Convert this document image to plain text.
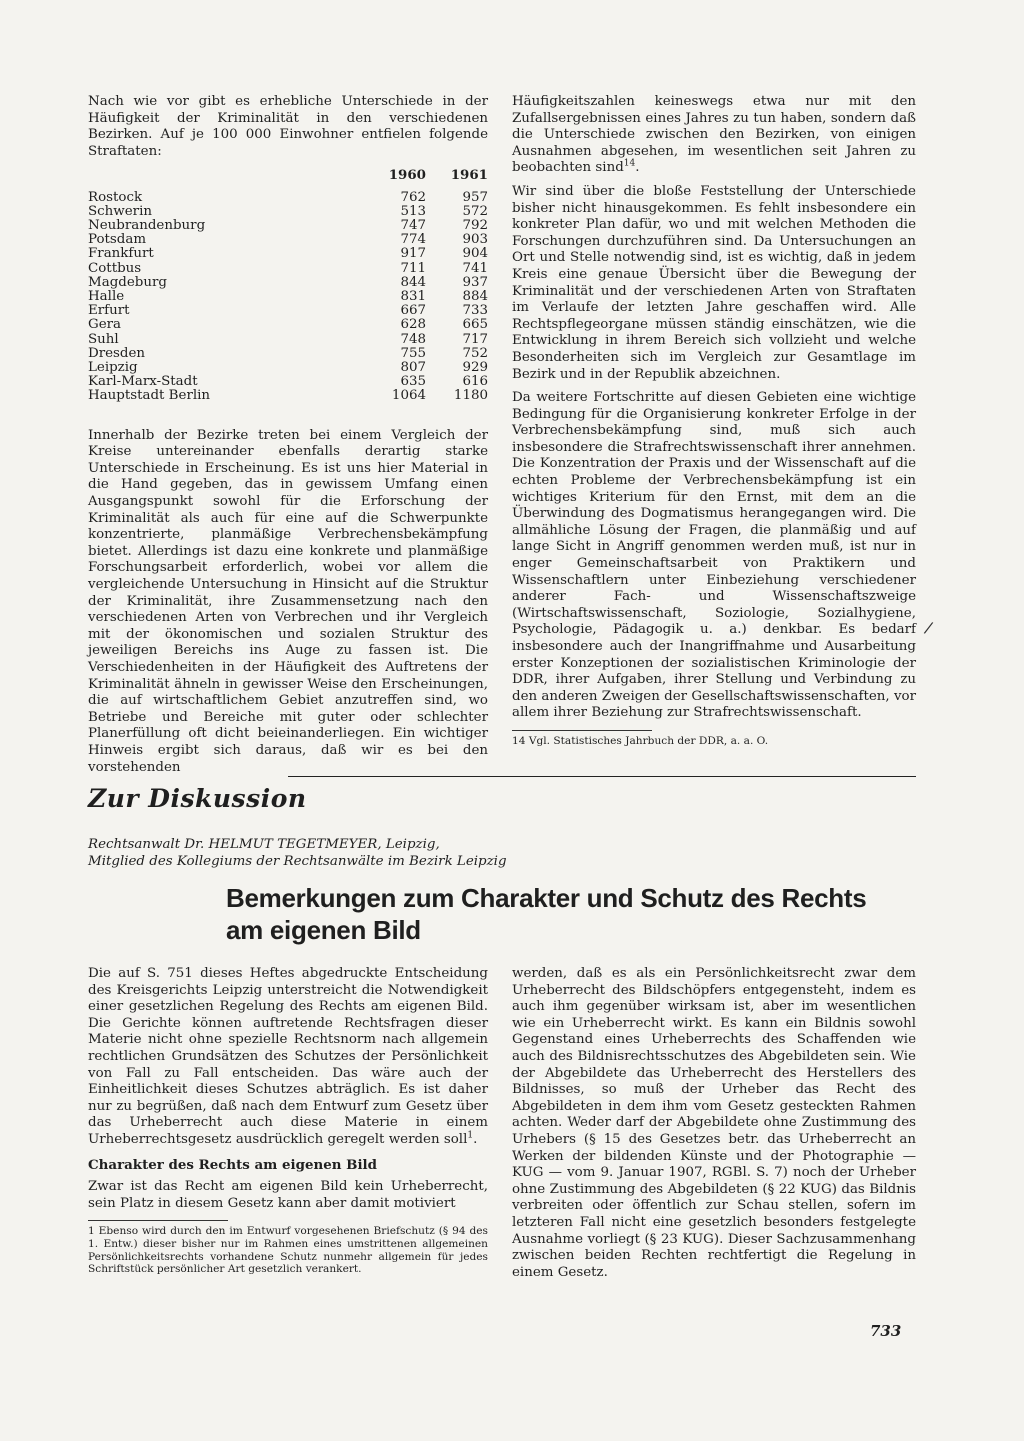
Nach wie vor gibt es erhebliche Unterschiede in der Häufigkeit der Kriminalität in den verschiedenen Bezirken. Auf je 100 000 Einwohner entfielen folgende Straftaten:

	1960	1961
Rostock	762	957
Schwerin	513	572
Neubrandenburg	747	792
Potsdam	774	903
Frankfurt	917	904
Cottbus	711	741
Magdeburg	844	937
Halle	831	884
Erfurt	667	733
Gera	628	665
Suhl	748	717
Dresden	755	752
Leipzig	807	929
Karl-Marx-Stadt	635	616
Hauptstadt Berlin	1064	1180

Innerhalb der Bezirke treten bei einem Vergleich der Kreise untereinander ebenfalls derartig starke Unterschiede in Erscheinung. Es ist uns hier Material in die Hand gegeben, das in gewissem Umfang einen Ausgangspunkt sowohl für die Erforschung der Kriminalität als auch für eine auf die Schwerpunkte konzentrierte, planmäßige Verbrechensbekämpfung bietet. Allerdings ist dazu eine konkrete und planmäßige Forschungsarbeit erforderlich, wobei vor allem die vergleichende Untersuchung in Hinsicht auf die Struktur der Kriminalität, ihre Zusammensetzung nach den verschiedenen Arten von Verbrechen und ihr Vergleich mit der ökonomischen und sozialen Struktur des jeweiligen Bereichs ins Auge zu fassen ist. Die Verschiedenheiten in der Häufigkeit des Auftretens der Kriminalität ähneln in gewisser Weise den Erscheinungen, die auf wirtschaftlichem Gebiet anzutreffen sind, wo Betriebe und Bereiche mit guter oder schlechter Planerfüllung oft dicht beieinanderliegen. Ein wichtiger Hinweis ergibt sich daraus, daß wir es bei den vorstehenden

Häufigkeitszahlen keineswegs etwa nur mit den Zufallsergebnissen eines Jahres zu tun haben, sondern daß die Unterschiede zwischen den Bezirken, von einigen Ausnahmen abgesehen, im wesentlichen seit Jahren zu beobachten sind$^{14}$.

Wir sind über die bloße Feststellung der Unterschiede bisher nicht hinausgekommen. Es fehlt insbesondere ein konkreter Plan dafür, wo und mit welchen Methoden die Forschungen durchzuführen sind. Da Untersuchungen an Ort und Stelle notwendig sind, ist es wichtig, daß in jedem Kreis eine genaue Übersicht über die Bewegung der Kriminalität und der verschiedenen Arten von Straftaten im Verlaufe der letzten Jahre geschaffen wird. Alle Rechtspflegeorgane müssen ständig einschätzen, wie die Entwicklung in ihrem Bereich sich vollzieht und welche Besonderheiten sich im Vergleich zur Gesamtlage im Bezirk und in der Republik abzeichnen.

Da weitere Fortschritte auf diesen Gebieten eine wichtige Bedingung für die Organisierung konkreter Erfolge in der Verbrechensbekämpfung sind, muß sich auch insbesondere die Strafrechtswissenschaft ihrer annehmen. Die Konzentration der Praxis und der Wissenschaft auf die echten Probleme der Verbrechensbekämpfung ist ein wichtiges Kriterium für den Ernst, mit dem an die Überwindung des Dogmatismus herangegangen wird. Die allmähliche Lösung der Fragen, die planmäßig und auf lange Sicht in Angriff genommen werden muß, ist nur in enger Gemeinschaftsarbeit von Praktikern und Wissenschaftlern unter Einbeziehung verschiedener anderer Fach- und Wissenschaftszweige (Wirtschaftswissenschaft, Soziologie, Sozialhygiene, Psychologie, Pädagogik u. a.) denkbar. Es bedarf insbesondere auch der Inangriffnahme und Ausarbeitung erster Konzeptionen der sozialistischen Kriminologie der DDR, ihrer Aufgaben, ihrer Stellung und Verbindung zu den anderen Zweigen der Gesellschaftswissenschaften, vor allem ihrer Beziehung zur Strafrechtswissenschaft.

14 Vgl. Statistisches Jahrbuch der DDR, a. a. O.
/
Zur Diskussion
Rechtsanwalt Dr. HELMUT TEGETMEYER, Leipzig,
Mitglied des Kollegiums der Rechtsanwälte im Bezirk Leipzig
Bemerkungen zum Charakter und Schutz des Rechts am eigenen Bild

Die auf S. 751 dieses Heftes abgedruckte Entscheidung des Kreisgerichts Leipzig unterstreicht die Notwendigkeit einer gesetzlichen Regelung des Rechts am eigenen Bild. Die Gerichte können auftretende Rechtsfragen dieser Materie nicht ohne spezielle Rechtsnorm nach allgemein rechtlichen Grundsätzen des Schutzes der Persönlichkeit von Fall zu Fall entscheiden. Das wäre auch der Einheitlichkeit dieses Schutzes abträglich. Es ist daher nur zu begrüßen, daß nach dem Entwurf zum Gesetz über das Urheberrecht auch diese Materie in einem Urheberrechtsgesetz ausdrücklich geregelt werden soll$^1$.

Charakter des Rechts am eigenen Bild

Zwar ist das Recht am eigenen Bild kein Urheberrecht, sein Platz in diesem Gesetz kann aber damit motiviert

1 Ebenso wird durch den im Entwurf vorgesehenen Briefschutz (§ 94 des 1. Entw.) dieser bisher nur im Rahmen eines umstrittenen allgemeinen Persönlichkeitsrechts vorhandene Schutz nunmehr allgemein für jedes Schriftstück persönlicher Art gesetzlich verankert.

werden, daß es als ein Persönlichkeitsrecht zwar dem Urheberrecht des Bildschöpfers entgegensteht, indem es auch ihm gegenüber wirksam ist, aber im wesentlichen wie ein Urheberrecht wirkt. Es kann ein Bildnis sowohl Gegenstand eines Urheberrechts des Schaffenden wie auch des Bildnisrechtsschutzes des Abgebildeten sein. Wie der Abgebildete das Urheberrecht des Herstellers des Bildnisses, so muß der Urheber das Recht des Abgebildeten in dem ihm vom Gesetz gesteckten Rahmen achten. Weder darf der Abgebildete ohne Zustimmung des Urhebers (§ 15 des Gesetzes betr. das Urheberrecht an Werken der bildenden Künste und der Photographie — KUG — vom 9. Januar 1907, RGBl. S. 7) noch der Urheber ohne Zustimmung des Abgebildeten (§ 22 KUG) das Bildnis verbreiten oder öffentlich zur Schau stellen, sofern im letzteren Fall nicht eine gesetzlich besonders festgelegte Ausnahme vorliegt (§ 23 KUG). Dieser Sachzusammenhang zwischen beiden Rechten rechtfertigt die Regelung in einem Gesetz.

733
